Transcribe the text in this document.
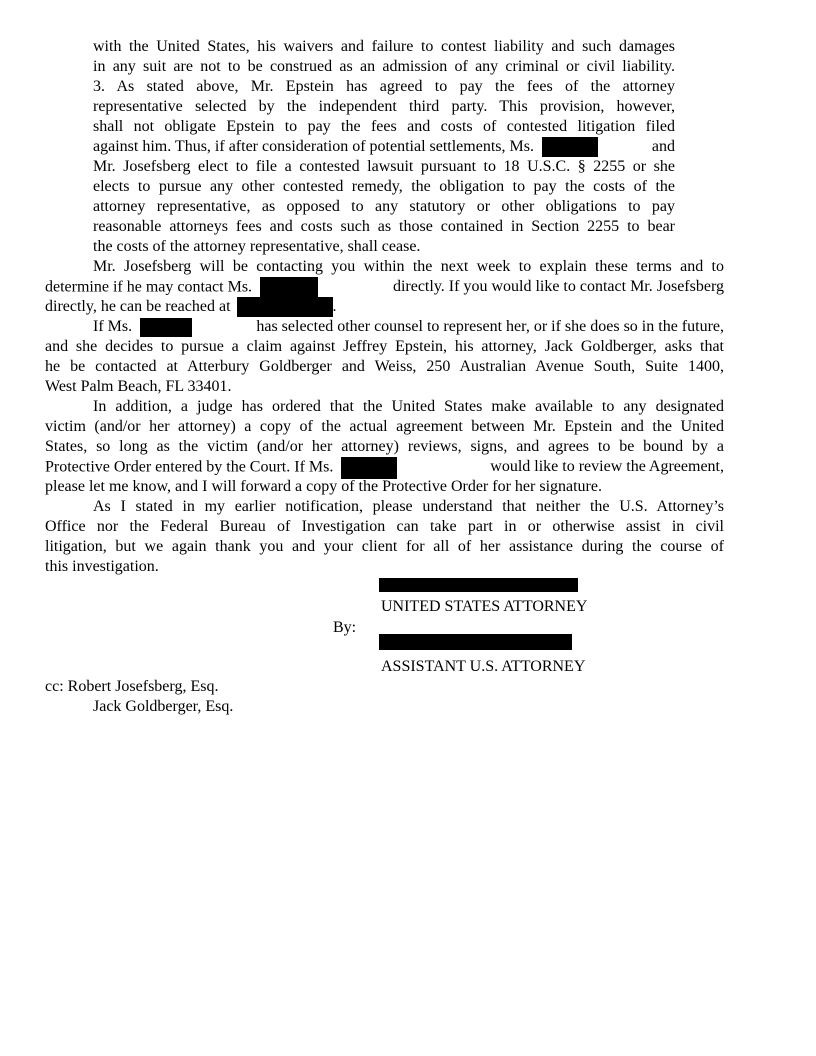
with the United States, his waivers and failure to contest liability and such damages
in any suit are not to be construed as an admission of any criminal or civil liability.
3. As stated above, Mr. Epstein has agreed to pay the fees of the attorney
representative selected by the independent third party. This provision, however,
shall not obligate Epstein to pay the fees and costs of contested litigation filed
against him. Thus, if after consideration of potential settlements, Ms.	and
Mr. Josefsberg elect to file a contested lawsuit pursuant to 18 U.S.C. § 2255 or she
elects to pursue any other contested remedy, the obligation to pay the costs of the
attorney representative, as opposed to any statutory or other obligations to pay
reasonable attorneys fees and costs such as those contained in Section 2255 to bear
the costs of the attorney representative, shall cease.
Mr. Josefsberg will be contacting you within the next week to explain these terms and to
determine if he may contact Ms.	directly. If you would like to contact Mr. Josefsberg
directly, he can be reached at	.
If Ms.	has selected other counsel to represent her, or if she does so in the future,
and she decides to pursue a claim against Jeffrey Epstein, his attorney, Jack Goldberger, asks that
he be contacted at Atterbury Goldberger and Weiss, 250 Australian Avenue South, Suite 1400,
West Palm Beach, FL 33401.
In addition, a judge has ordered that the United States make available to any designated
victim (and/or her attorney) a copy of the actual agreement between Mr. Epstein and the United
States, so long as the victim (and/or her attorney) reviews, signs, and agrees to be bound by a
Protective Order entered by the Court. If Ms.	would like to review the Agreement,
please let me know, and I will forward a copy of the Protective Order for her signature.
As I stated in my earlier notification, please understand that neither the U.S. Attorney’s
Office nor the Federal Bureau of Investigation can take part in or otherwise assist in civil
litigation, but we again thank you and your client for all of her assistance during the course of
this investigation.
UNITED STATES ATTORNEY
By:
ASSISTANT U.S. ATTORNEY
cc: Robert Josefsberg, Esq.
Jack Goldberger, Esq.
